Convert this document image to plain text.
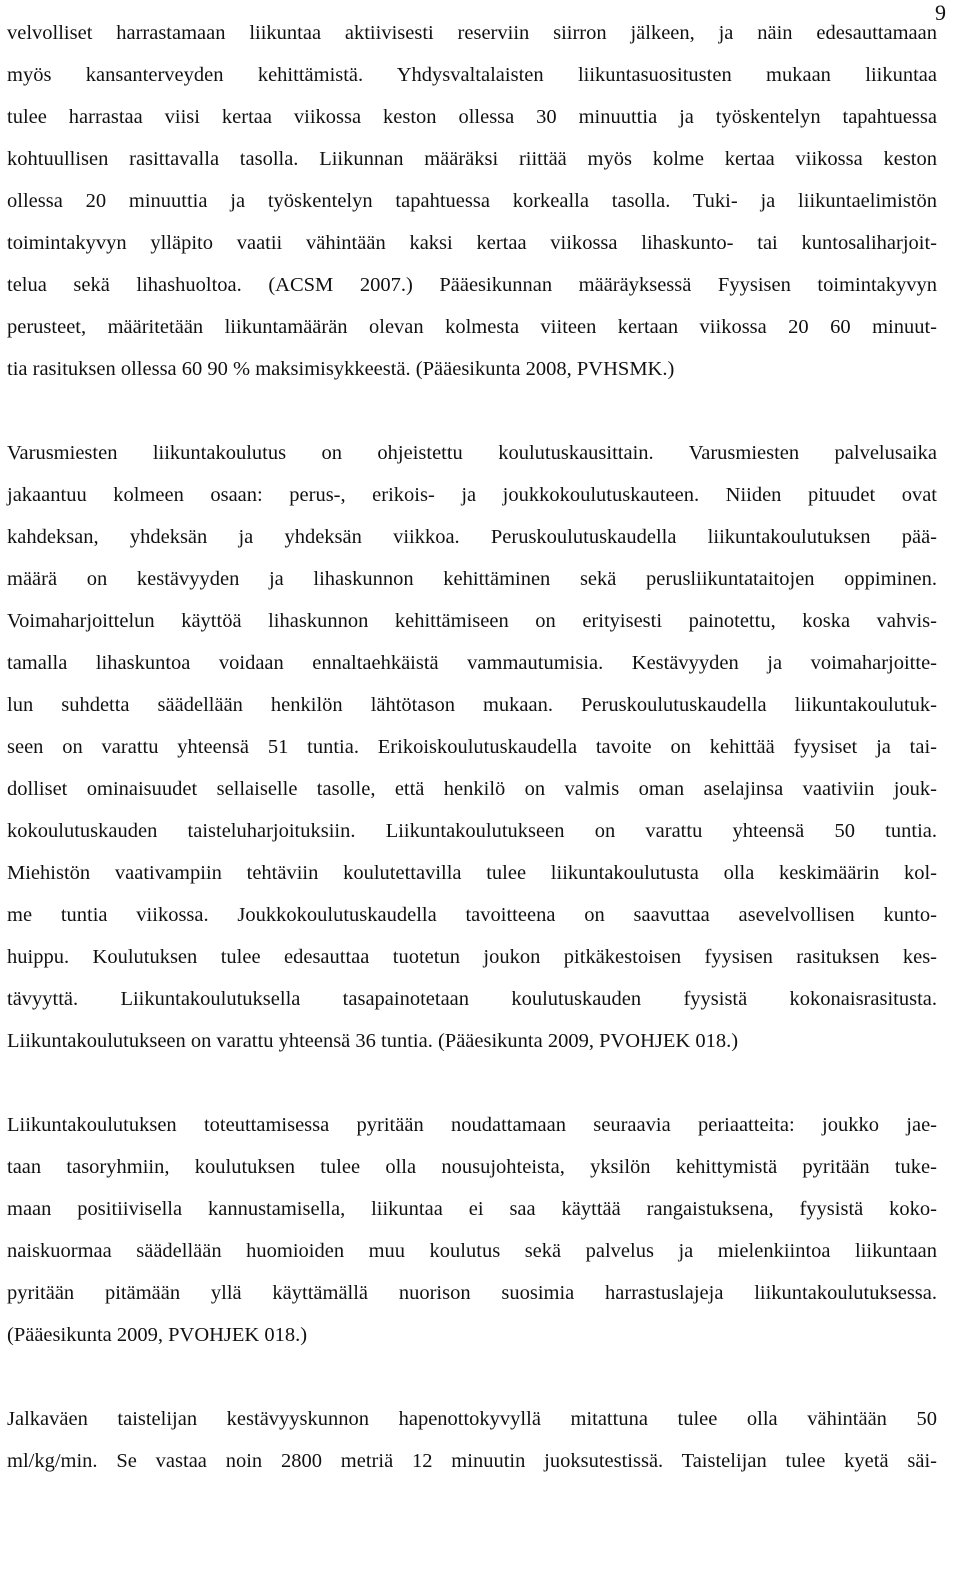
9
velvolliset harrastamaan liikuntaa aktiivisesti reserviin siirron jälkeen, ja näin edesauttamaan
myös kansanterveyden kehittämistä. Yhdysvaltalaisten liikuntasuositusten mukaan liikuntaa
tulee harrastaa viisi kertaa viikossa keston ollessa 30 minuuttia ja työskentelyn tapahtuessa
kohtuullisen rasittavalla tasolla. Liikunnan määräksi riittää myös kolme kertaa viikossa keston
ollessa 20 minuuttia ja työskentelyn tapahtuessa korkealla tasolla. Tuki- ja liikuntaelimistön
toimintakyvyn ylläpito vaatii vähintään kaksi kertaa viikossa lihaskunto- tai kuntosaliharjoit-
telua sekä lihashuoltoa. (ACSM 2007.) Pääesikunnan määräyksessä Fyysisen toimintakyvyn
perusteet, määritetään liikuntamäärän olevan kolmesta viiteen kertaan viikossa 20 60 minuut-
tia rasituksen ollessa 60 90 % maksimisykkeestä. (Pääesikunta 2008, PVHSMK.)
Varusmiesten liikuntakoulutus on ohjeistettu koulutuskausittain. Varusmiesten palvelusaika
jakaantuu kolmeen osaan: perus-, erikois- ja joukkokoulutuskauteen. Niiden pituudet ovat
kahdeksan, yhdeksän ja yhdeksän viikkoa. Peruskoulutuskaudella liikuntakoulutuksen pää-
määrä on kestävyyden ja lihaskunnon kehittäminen sekä perusliikuntataitojen oppiminen.
Voimaharjoittelun käyttöä lihaskunnon kehittämiseen on erityisesti painotettu, koska vahvis-
tamalla lihaskuntoa voidaan ennaltaehkäistä vammautumisia. Kestävyyden ja voimaharjoitte-
lun suhdetta säädellään henkilön lähtötason mukaan. Peruskoulutuskaudella liikuntakoulutuk-
seen on varattu yhteensä 51 tuntia. Erikoiskoulutuskaudella tavoite on kehittää fyysiset ja tai-
dolliset ominaisuudet sellaiselle tasolle, että henkilö on valmis oman aselajinsa vaativiin jouk-
kokoulutuskauden taisteluharjoituksiin. Liikuntakoulutukseen on varattu yhteensä 50 tuntia.
Miehistön vaativampiin tehtäviin koulutettavilla tulee liikuntakoulutusta olla keskimäärin kol-
me tuntia viikossa. Joukkokoulutuskaudella tavoitteena on saavuttaa asevelvollisen kunto-
huippu. Koulutuksen tulee edesauttaa tuotetun joukon pitkäkestoisen fyysisen rasituksen kes-
tävyyttä. Liikuntakoulutuksella tasapainotetaan koulutuskauden fyysistä kokonaisrasitusta.
Liikuntakoulutukseen on varattu yhteensä 36 tuntia. (Pääesikunta 2009, PVOHJEK 018.)
Liikuntakoulutuksen toteuttamisessa pyritään noudattamaan seuraavia periaatteita: joukko jae-
taan tasoryhmiin, koulutuksen tulee olla nousujohteista, yksilön kehittymistä pyritään tuke-
maan positiivisella kannustamisella, liikuntaa ei saa käyttää rangaistuksena, fyysistä koko-
naiskuormaa säädellään huomioiden muu koulutus sekä palvelus ja mielenkiintoa liikuntaan
pyritään pitämään yllä käyttämällä nuorison suosimia harrastuslajeja liikuntakoulutuksessa.
(Pääesikunta 2009, PVOHJEK 018.)
Jalkaväen taistelijan kestävyyskunnon hapenottokyvyllä mitattuna tulee olla vähintään 50
ml/kg/min. Se vastaa noin 2800 metriä 12 minuutin juoksutestissä. Taistelijan tulee kyetä säi-
